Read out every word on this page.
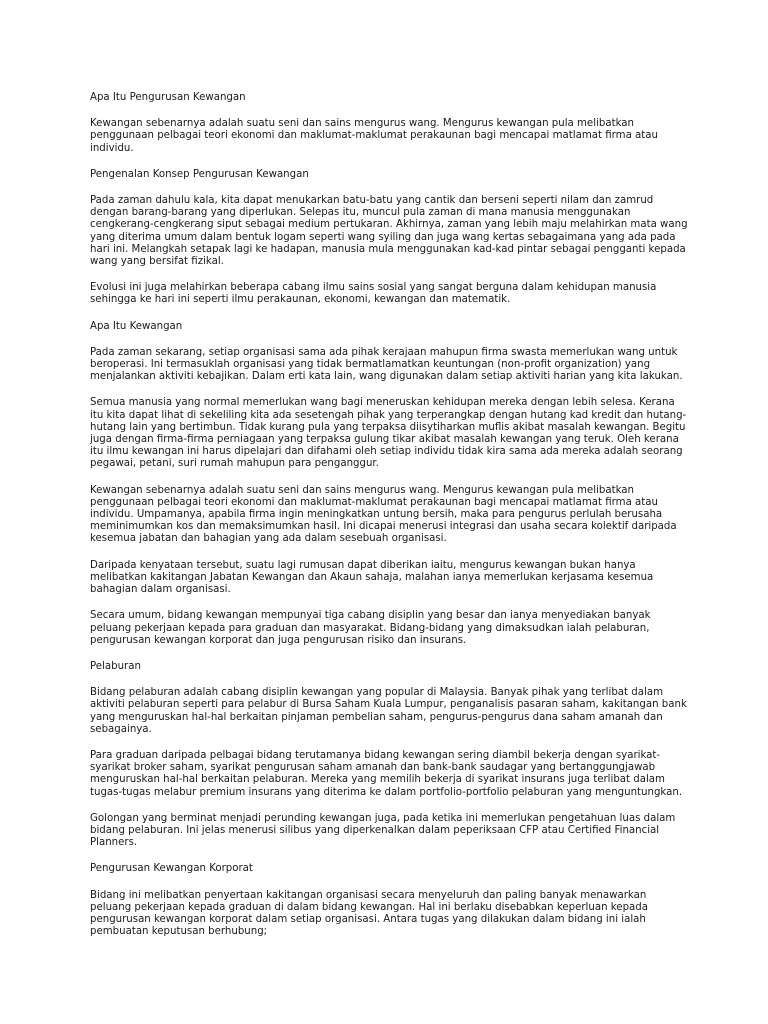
Apa Itu Pengurusan Kewangan
Kewangan sebenarnya adalah suatu seni dan sains mengurus wang. Mengurus kewangan pula melibatkan penggunaan pelbagai teori ekonomi dan maklumat-maklumat perakaunan bagi mencapai matlamat firma atau individu.
Pengenalan Konsep Pengurusan Kewangan
Pada zaman dahulu kala, kita dapat menukarkan batu-batu yang cantik dan berseni seperti nilam dan zamrud dengan barang-barang yang diperlukan. Selepas itu, muncul pula zaman di mana manusia menggunakan cengkerang-cengkerang siput sebagai medium pertukaran. Akhirnya, zaman yang lebih maju melahirkan mata wang yang diterima umum dalam bentuk logam seperti wang syiling dan juga wang kertas sebagaimana yang ada pada hari ini. Melangkah setapak lagi ke hadapan, manusia mula menggunakan kad-kad pintar sebagai pengganti kepada wang yang bersifat fizikal.
Evolusi ini juga melahirkan beberapa cabang ilmu sains sosial yang sangat berguna dalam kehidupan manusia sehingga ke hari ini seperti ilmu perakaunan, ekonomi, kewangan dan matematik.
Apa Itu Kewangan
Pada zaman sekarang, setiap organisasi sama ada pihak kerajaan mahupun firma swasta memerlukan wang untuk beroperasi. Ini termasuklah organisasi yang tidak bermatlamatkan keuntungan (non-profit organization) yang menjalankan aktiviti kebajikan. Dalam erti kata lain, wang digunakan dalam setiap aktiviti harian yang kita lakukan.
Semua manusia yang normal memerlukan wang bagi meneruskan kehidupan mereka dengan lebih selesa. Kerana itu kita dapat lihat di sekeliling kita ada sesetengah pihak yang terperangkap dengan hutang kad kredit dan hutang-hutang lain yang bertimbun. Tidak kurang pula yang terpaksa diisytiharkan muflis akibat masalah kewangan. Begitu juga dengan firma-firma perniagaan yang terpaksa gulung tikar akibat masalah kewangan yang teruk. Oleh kerana itu ilmu kewangan ini harus dipelajari dan difahami oleh setiap individu tidak kira sama ada mereka adalah seorang pegawai, petani, suri rumah mahupun para penganggur.
Kewangan sebenarnya adalah suatu seni dan sains mengurus wang. Mengurus kewangan pula melibatkan penggunaan pelbagai teori ekonomi dan maklumat-maklumat perakaunan bagi mencapai matlamat firma atau individu. Umpamanya, apabila firma ingin meningkatkan untung bersih, maka para pengurus perlulah berusaha meminimumkan kos dan memaksimumkan hasil. Ini dicapai menerusi integrasi dan usaha secara kolektif daripada kesemua jabatan dan bahagian yang ada dalam sesebuah organisasi.
Daripada kenyataan tersebut, suatu lagi rumusan dapat diberikan iaitu, mengurus kewangan bukan hanya melibatkan kakitangan Jabatan Kewangan dan Akaun sahaja, malahan ianya memerlukan kerjasama kesemua bahagian dalam organisasi.
Secara umum, bidang kewangan mempunyai tiga cabang disiplin yang besar dan ianya menyediakan banyak peluang pekerjaan kepada para graduan dan masyarakat. Bidang-bidang yang dimaksudkan ialah pelaburan, pengurusan kewangan korporat dan juga pengurusan risiko dan insurans.
Pelaburan
Bidang pelaburan adalah cabang disiplin kewangan yang popular di Malaysia. Banyak pihak yang terlibat dalam aktiviti pelaburan seperti para pelabur di Bursa Saham Kuala Lumpur, penganalisis pasaran saham, kakitangan bank yang menguruskan hal-hal berkaitan pinjaman pembelian saham, pengurus-pengurus dana saham amanah dan sebagainya.
Para graduan daripada pelbagai bidang terutamanya bidang kewangan sering diambil bekerja dengan syarikat-syarikat broker saham, syarikat pengurusan saham amanah dan bank-bank saudagar yang bertanggungjawab menguruskan hal-hal berkaitan pelaburan. Mereka yang memilih bekerja di syarikat insurans juga terlibat dalam tugas-tugas melabur premium insurans yang diterima ke dalam portfolio-portfolio pelaburan yang menguntungkan.
Golongan yang berminat menjadi perunding kewangan juga, pada ketika ini memerlukan pengetahuan luas dalam bidang pelaburan. Ini jelas menerusi silibus yang diperkenalkan dalam peperiksaan CFP atau Certified Financial Planners.
Pengurusan Kewangan Korporat
Bidang ini melibatkan penyertaan kakitangan organisasi secara menyeluruh dan paling banyak menawarkan peluang pekerjaan kepada graduan di dalam bidang kewangan. Hal ini berlaku disebabkan keperluan kepada pengurusan kewangan korporat dalam setiap organisasi. Antara tugas yang dilakukan dalam bidang ini ialah pembuatan keputusan berhubung;
